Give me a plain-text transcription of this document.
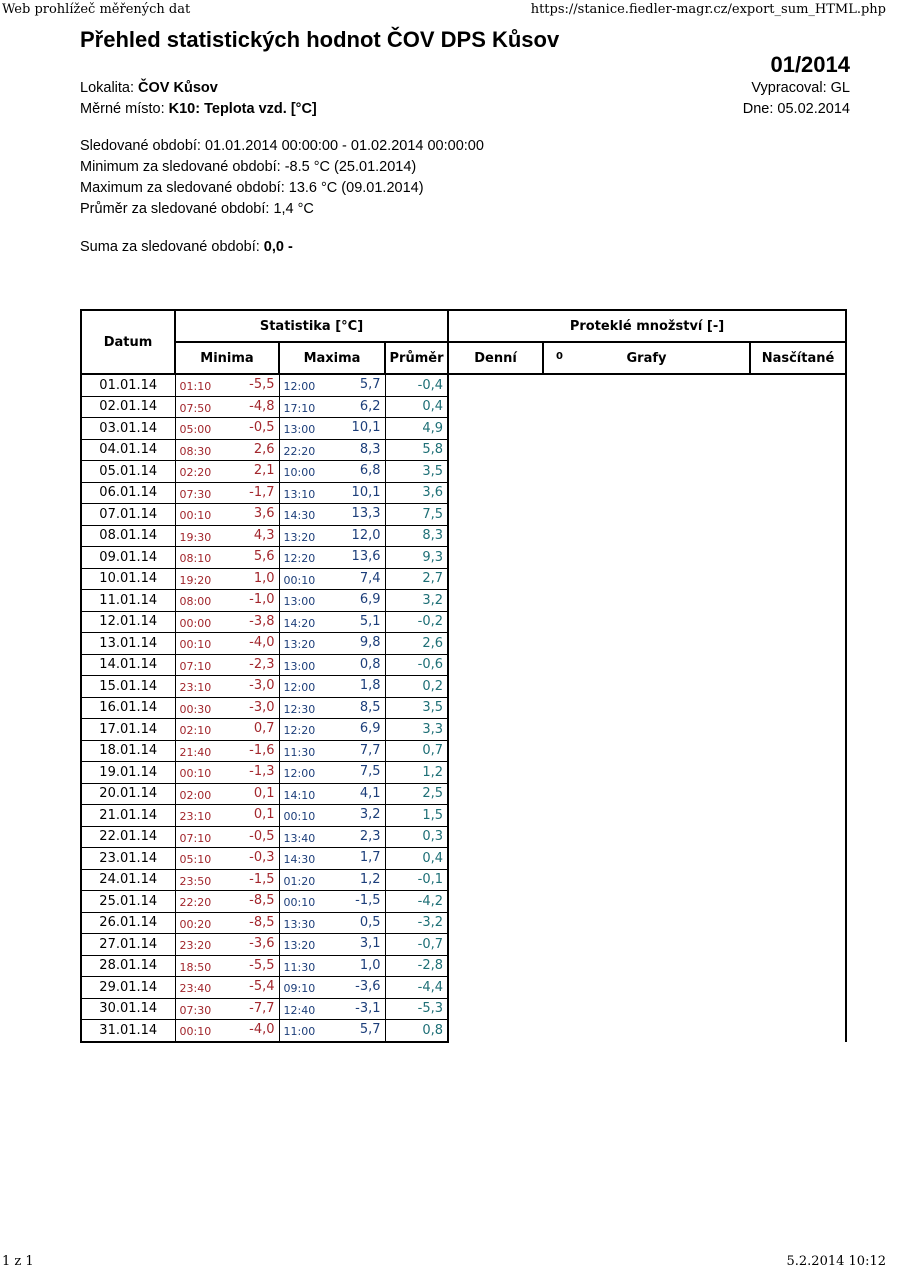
Web prohlížeč měřených dat	https://stanice.fiedler-magr.cz/export_sum_HTML.php
Přehled statistických hodnot ČOV DPS Kůsov
01/2014
Lokalita: ČOV Kůsov	Vypracoval: GL
Měrné místo: K10: Teplota vzd. [°C]	Dne: 05.02.2014
Sledované období: 01.01.2014 00:00:00 - 01.02.2014 00:00:00
Minimum za sledované období: -8.5 °C (25.01.2014)
Maximum za sledované období: 13.6 °C (09.01.2014)
Průměr za sledované období: 1,4 °C
Suma za sledované období: 0,0 -
Datum	Statistika [°C]			Proteklé množství [-]		
	Minima	Maxima	Průměr	Denní	0 Grafy	Nasčítané
01.01.14	01:10 -5,5	12:00 5,7	-0,4			
02.01.14	07:50 -4,8	17:10 6,2	0,4			
03.01.14	05:00 -0,5	13:00 10,1	4,9			
04.01.14	08:30 2,6	22:20 8,3	5,8			
05.01.14	02:20 2,1	10:00 6,8	3,5			
06.01.14	07:30 -1,7	13:10 10,1	3,6			
07.01.14	00:10 3,6	14:30 13,3	7,5			
08.01.14	19:30 4,3	13:20 12,0	8,3			
09.01.14	08:10 5,6	12:20 13,6	9,3			
10.01.14	19:20 1,0	00:10 7,4	2,7			
11.01.14	08:00 -1,0	13:00 6,9	3,2			
12.01.14	00:00 -3,8	14:20 5,1	-0,2			
13.01.14	00:10 -4,0	13:20 9,8	2,6			
14.01.14	07:10 -2,3	13:00 0,8	-0,6			
15.01.14	23:10 -3,0	12:00 1,8	0,2			
16.01.14	00:30 -3,0	12:30 8,5	3,5			
17.01.14	02:10 0,7	12:20 6,9	3,3			
18.01.14	21:40 -1,6	11:30 7,7	0,7			
19.01.14	00:10 -1,3	12:00 7,5	1,2			
20.01.14	02:00 0,1	14:10 4,1	2,5			
21.01.14	23:10 0,1	00:10 3,2	1,5			
22.01.14	07:10 -0,5	13:40 2,3	0,3			
23.01.14	05:10 -0,3	14:30 1,7	0,4			
24.01.14	23:50 -1,5	01:20 1,2	-0,1			
25.01.14	22:20 -8,5	00:10 -1,5	-4,2			
26.01.14	00:20 -8,5	13:30 0,5	-3,2			
27.01.14	23:20 -3,6	13:20 3,1	-0,7			
28.01.14	18:50 -5,5	11:30 1,0	-2,8			
29.01.14	23:40 -5,4	09:10 -3,6	-4,4			
30.01.14	07:30 -7,7	12:40 -3,1	-5,3			
31.01.14	00:10 -4,0	11:00 5,7	0,8			
1 z 1	5.2.2014 10:12
